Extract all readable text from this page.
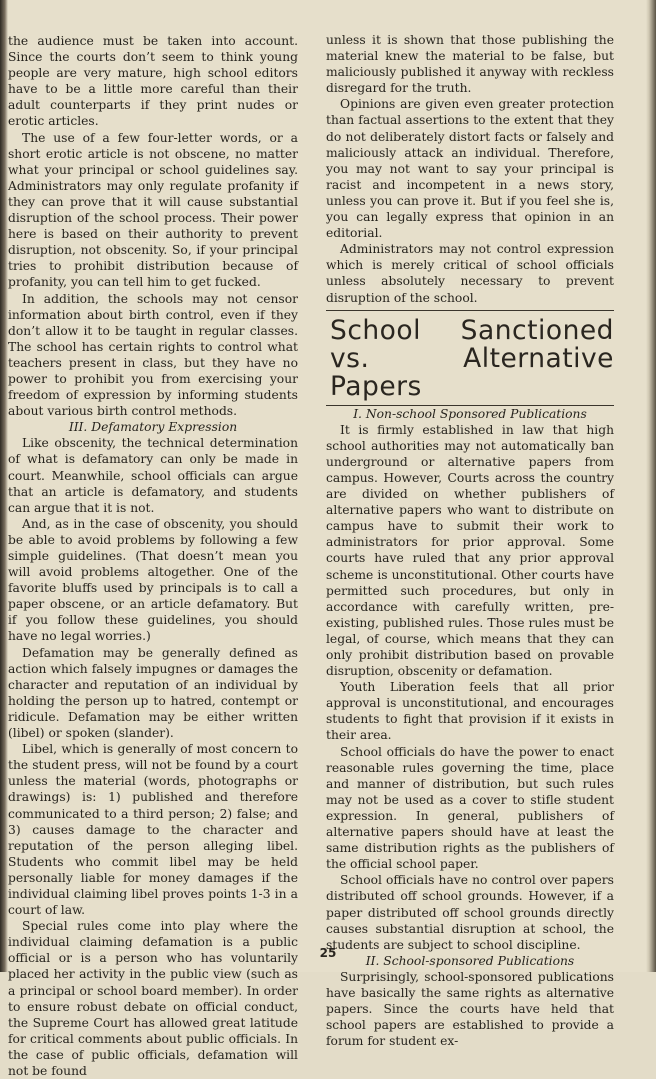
the audience must be taken into account. Since the courts don’t seem to think young people are very mature, high school editors have to be a little more careful than their adult counterparts if they print nudes or erotic articles.

The use of a few four-letter words, or a short erotic article is not obscene, no matter what your principal or school guidelines say. Administrators may only regulate profanity if they can prove that it will cause substantial disruption of the school process. Their power here is based on their authority to prevent disruption, not obscenity. So, if your principal tries to prohibit distribution because of profanity, you can tell him to get fucked.

In addition, the schools may not censor information about birth control, even if they don’t allow it to be taught in regular classes. The school has certain rights to control what teachers present in class, but they have no power to prohibit you from exercising your freedom of expression by informing students about various birth control methods.

III. Defamatory Expression

Like obscenity, the technical determination of what is defamatory can only be made in court. Meanwhile, school officials can argue that an article is defamatory, and students can argue that it is not.

And, as in the case of obscenity, you should be able to avoid problems by following a few simple guidelines. (That doesn’t mean you will avoid problems altogether. One of the favorite bluffs used by principals is to call a paper obscene, or an article defamatory. But if you follow these guidelines, you should have no legal worries.)

Defamation may be generally defined as action which falsely impugnes or damages the character and reputation of an individual by holding the person up to hatred, contempt or ridicule. Defamation may be either written (libel) or spoken (slander).

Libel, which is generally of most concern to the student press, will not be found by a court unless the material (words, photographs or drawings) is: 1) published and therefore communicated to a third person; 2) false; and 3) causes damage to the character and reputation of the person alleging libel. Students who commit libel may be held personally liable for money damages if the individual claiming libel proves points 1-3 in a court of law.

Special rules come into play where the individual claiming defamation is a public official or is a person who has voluntarily placed her activity in the public view (such as a principal or school board member). In order to ensure robust debate on official conduct, the Supreme Court has allowed great latitude for critical comments about public officials. In the case of public officials, defamation will not be found

unless it is shown that those publishing the material knew the material to be false, but maliciously published it anyway with reckless disregard for the truth.

Opinions are given even greater protection than factual assertions to the extent that they do not deliberately distort facts or falsely and maliciously attack an individual. Therefore, you may not want to say your principal is racist and incompetent in a news story, unless you can prove it. But if you feel she is, you can legally express that opinion in an editorial.

Administrators may not control expression which is merely critical of school officials unless absolutely necessary to prevent disruption of the school.

School Sanctioned vs. Alternative Papers

I. Non-school Sponsored Publications

It is firmly established in law that high school authorities may not automatically ban underground or alternative papers from campus. However, Courts across the country are divided on whether publishers of alternative papers who want to distribute on campus have to submit their work to administrators for prior approval. Some courts have ruled that any prior approval scheme is unconstitutional. Other courts have permitted such procedures, but only in accordance with carefully written, pre-existing, published rules. Those rules must be legal, of course, which means that they can only prohibit distribution based on provable disruption, obscenity or defamation.

Youth Liberation feels that all prior approval is unconstitutional, and encourages students to fight that provision if it exists in their area.

School officials do have the power to enact reasonable rules governing the time, place and manner of distribution, but such rules may not be used as a cover to stifle student expression. In general, publishers of alternative papers should have at least the same distribution rights as the publishers of the official school paper.

School officials have no control over papers distributed off school grounds. However, if a paper distributed off school grounds directly causes substantial disruption at school, the students are subject to school discipline.

II. School-sponsored Publications

Surprisingly, school-sponsored publications have basically the same rights as alternative papers. Since the courts have held that school papers are established to provide a forum for student ex-

25
